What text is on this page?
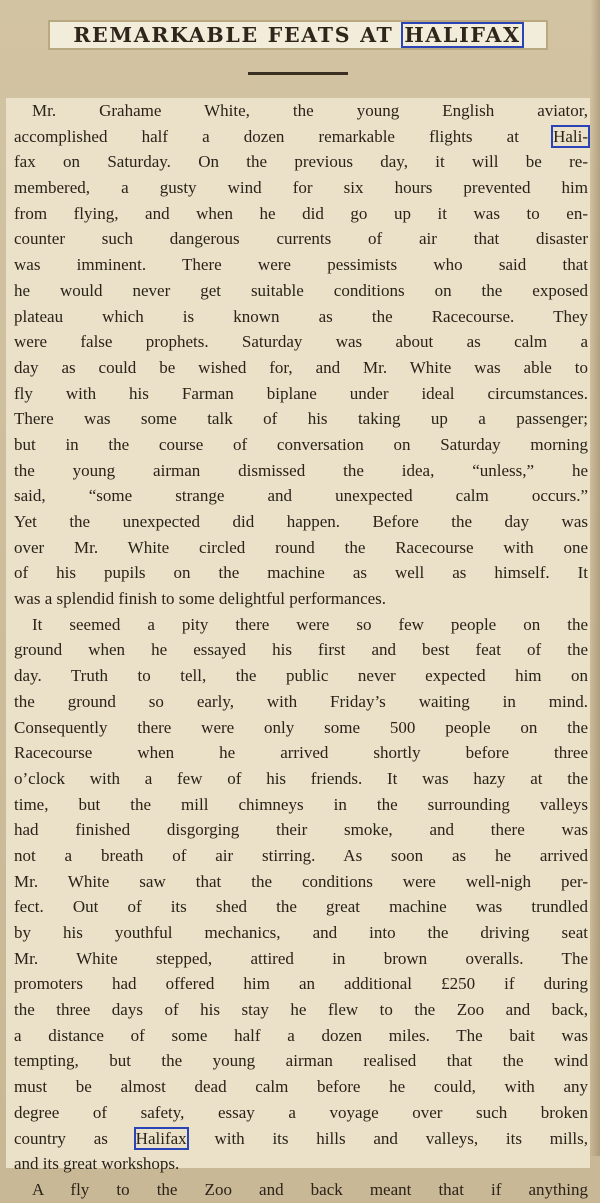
REMARKABLE FEATS AT HALIFAX
Mr. Grahame White, the young English aviator,
accomplished half a dozen remarkable flights at Hali-
fax on Saturday. On the previous day, it will be re-
membered, a gusty wind for six hours prevented him
from flying, and when he did go up it was to en-
counter such dangerous currents of air that disaster
was imminent. There were pessimists who said that
he would never get suitable conditions on the exposed
plateau which is known as the Racecourse. They
were false prophets. Saturday was about as calm a
day as could be wished for, and Mr. White was able to
fly with his Farman biplane under ideal circumstances.
There was some talk of his taking up a passenger;
but in the course of conversation on Saturday morning
the young airman dismissed the idea, “unless,” he
said, “some strange and unexpected calm occurs.”
Yet the unexpected did happen. Before the day was
over Mr. White circled round the Racecourse with one
of his pupils on the machine as well as himself. It
was a splendid finish to some delightful performances.
It seemed a pity there were so few people on the
ground when he essayed his first and best feat of the
day. Truth to tell, the public never expected him on
the ground so early, with Friday’s waiting in mind.
Consequently there were only some 500 people on the
Racecourse when he arrived shortly before three
o’clock with a few of his friends. It was hazy at the
time, but the mill chimneys in the surrounding valleys
had finished disgorging their smoke, and there was
not a breath of air stirring. As soon as he arrived
Mr. White saw that the conditions were well-nigh per-
fect. Out of its shed the great machine was trundled
by his youthful mechanics, and into the driving seat
Mr. White stepped, attired in brown overalls. The
promoters had offered him an additional £250 if during
the three days of his stay he flew to the Zoo and back,
a distance of some half a dozen miles. The bait was
tempting, but the young airman realised that the wind
must be almost dead calm before he could, with any
degree of safety, essay a voyage over such broken
country as Halifax with its hills and valleys, its mills,
and its great workshops.
A fly to the Zoo and back meant that if anything
